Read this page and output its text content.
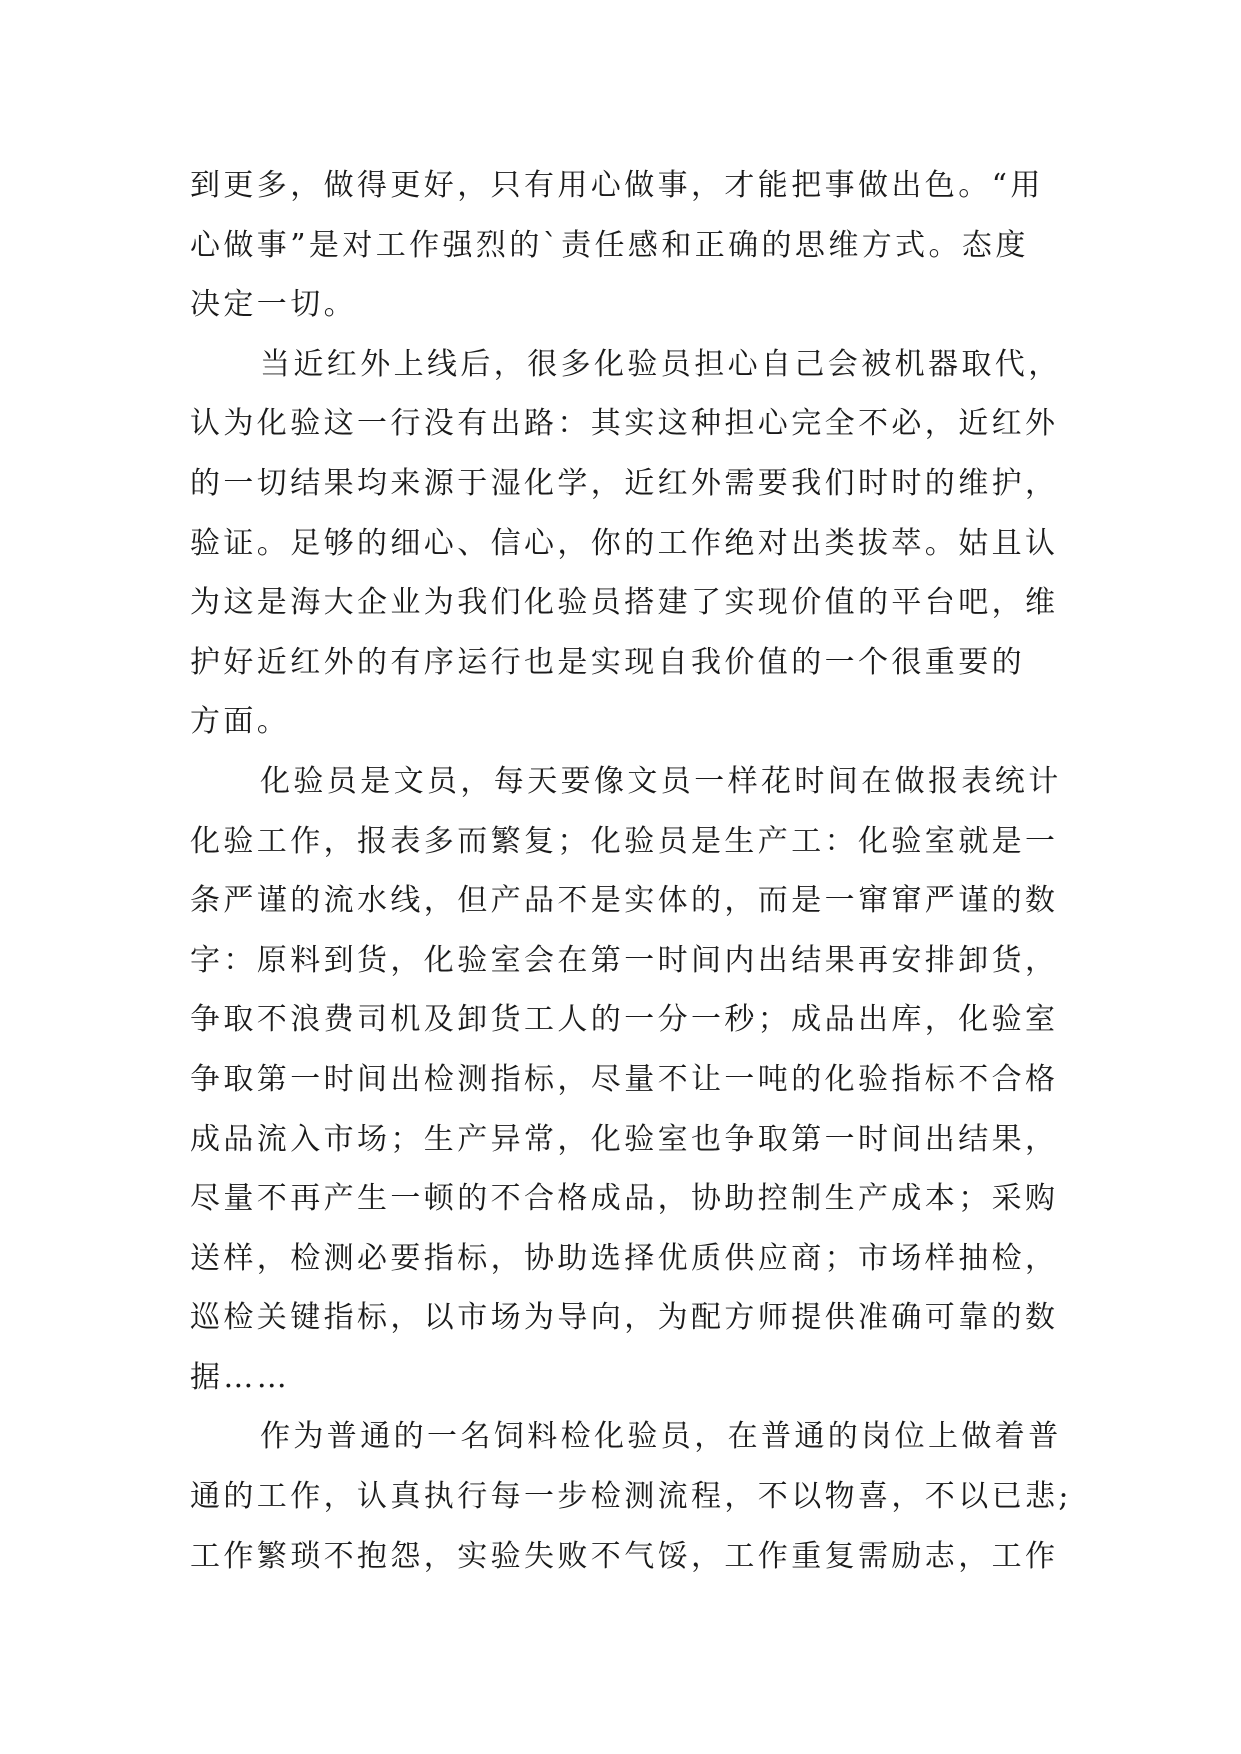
到更多，做得更好，只有用心做事，才能把事做出色。“用
心做事”是对工作强烈的`责任感和正确的思维方式。态度
决定一切。
当近红外上线后，很多化验员担心自己会被机器取代，
认为化验这一行没有出路：其实这种担心完全不必，近红外
的一切结果均来源于湿化学，近红外需要我们时时的维护，
验证。足够的细心、信心，你的工作绝对出类拔萃。姑且认
为这是海大企业为我们化验员搭建了实现价值的平台吧，维
护好近红外的有序运行也是实现自我价值的一个很重要的
方面。
化验员是文员，每天要像文员一样花时间在做报表统计
化验工作，报表多而繁复；化验员是生产工：化验室就是一
条严谨的流水线，但产品不是实体的，而是一窜窜严谨的数
字：原料到货，化验室会在第一时间内出结果再安排卸货，
争取不浪费司机及卸货工人的一分一秒；成品出库，化验室
争取第一时间出检测指标，尽量不让一吨的化验指标不合格
成品流入市场；生产异常，化验室也争取第一时间出结果，
尽量不再产生一顿的不合格成品，协助控制生产成本；采购
送样，检测必要指标，协助选择优质供应商；市场样抽检，
巡检关键指标，以市场为导向，为配方师提供准确可靠的数
据……
作为普通的一名饲料检化验员，在普通的岗位上做着普
通的工作，认真执行每一步检测流程，不以物喜，不以已悲;
工作繁琐不抱怨，实验失败不气馁，工作重复需励志，工作
